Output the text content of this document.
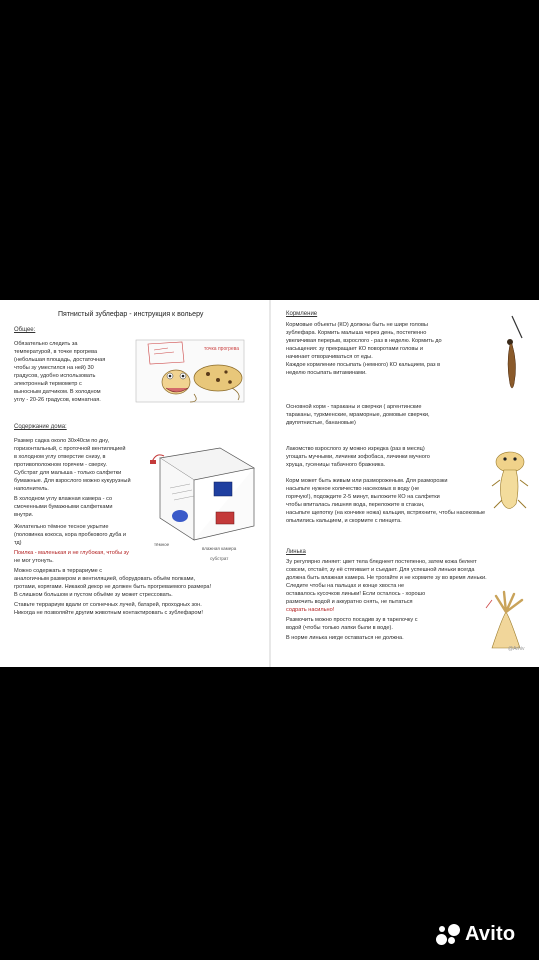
Пятнистый зублефар - инструкция к вольеру
Общее:
Обязательно следить за
температурой, в точке прогрева
(небольшая площадь, достаточная
чтобы зу уместился на ней) 30
градусов, удобно использовать
электронный термометр с
выносным датчиком. В холодном
углу - 20-26 градусов, комнатная.
точка прогрева
Содержание дома:
Размер садка около 30х40см по дну,
горизонтальный, с проточной вентиляцией
в холодном углу отверстие снизу, в
противоположном горячем - сверху.
Субстрат для малыша - только салфетки
бумажные. Для взрослого можно кукурузный
наполнитель.
В холодном углу влажная камера - со
смоченными бумажными салфетками
внутри.
Желательно тёмное тесное укрытие
(половинка кокоса, кора пробкового дуба и
тд)
Поилка - маленькая и не глубокая, чтобы зу
не мог утонуть.
Можно содержать в террариуме с
аналогичным размером и вентиляцией, оборудовать объём полками,
гротами, корягами. Никакой декор не должен быть прогреваемого размера!
В слишком большом и пустом объёме зу может стрессовать.
Ставьте террариум вдали от солнечных лучей, батарей, проходных зон.
Никогда не позволяйте другим животным контактировать с зублефаром!
влажная камера
субстрат
тёмное
Кормление
Кормовые объекты (КО) должны быть не шире головы
зублефара. Кормить малыша через день, постепенно
увеличивая перерыв, взрослого - раз в неделю. Кормить до
насыщения: зу прекращает КО поворотами головы и
начинает отворачиваться от еды.
Каждое кормление посыпать (немного) КО кальцием, раз в
неделю посыпать витаминами.
Основной корм - тараканы и сверчки ( аргентинские
тараканы, туркменские, мраморные, домовые сверчки,
двупятнистые, банановые)
Лакомство взрослого зу можно изредка (раз в месяц)
угощать мучными, личинки зофобаса, личинки мучного
хруща, гусеницы табачного бражника.
Корм может быть живым или размороженым. Для разморозки
насыпьте нужное количество насекомых в воду (не
горячую!), подождите 2-5 минут, выложите КО на салфетки
чтобы впиталась лишняя вода, переложите в стакан,
насыпьте щепотку (на кончике ножа) кальция, встряхните, чтобы насекомые
опылились кальцием, и скормите с пинцета.
Линька
Зу регулярно линяет: цвет тела бледнеет постепенно, затем кожа белеет
совсем, отстаёт, зу её стягивает и съедает. Для успешной линьки всегда
должна быть влажная камера. Не трогайте и не кормите зу во время линьки.
Следите чтобы на пальцах и конце хвоста не
оставалось кусочков линьки! Если осталось - хорошо
размочить водой и аккуратно снять, не пытаться
содрать насильно!
Размочить можно просто посадив зу в тарелочку с
водой (чтобы только лапки были в воде).
В норме линька нигде оставаться не должна.
@Arhiv
Avito
